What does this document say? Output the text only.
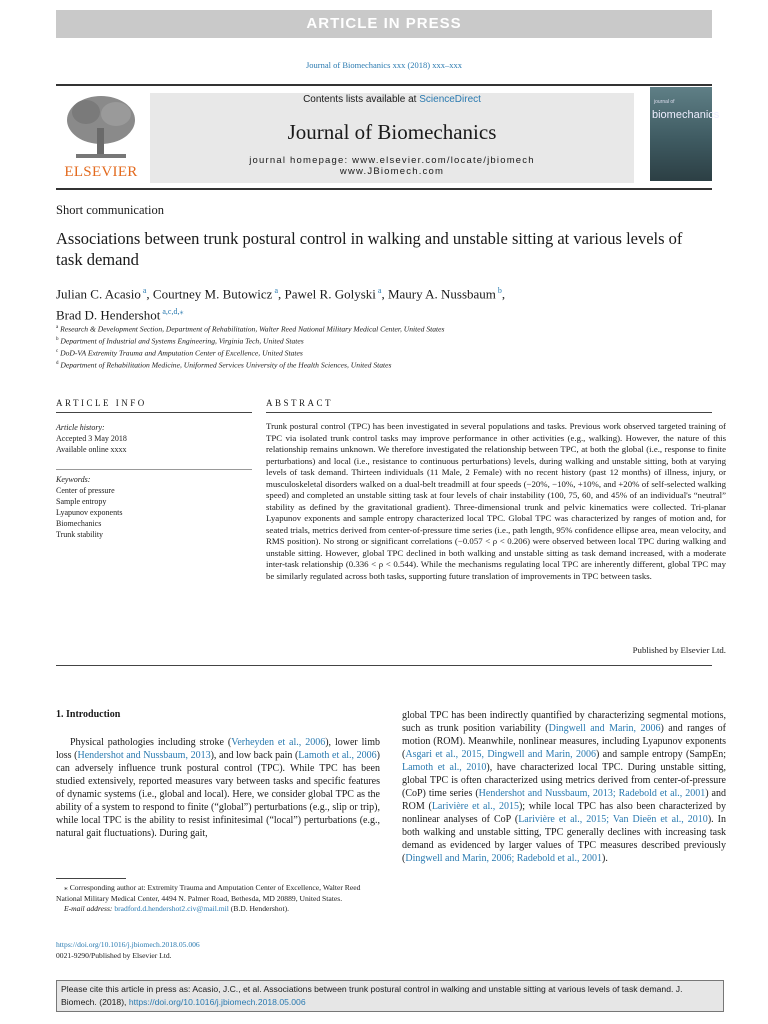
ARTICLE IN PRESS
Journal of Biomechanics xxx (2018) xxx–xxx
ELSEVIER
Contents lists available at ScienceDirect
Journal of Biomechanics
journal homepage: www.elsevier.com/locate/jbiomech
www.JBiomech.com
journal of
biomechanics
Short communication
Associations between trunk postural control in walking and unstable sitting at various levels of task demand
Julian C. Acasio $^a$, Courtney M. Butowicz $^a$, Pawel R. Golyski $^a$, Maury A. Nussbaum $^b$,
Brad D. Hendershot $^{a,c,d,⁎}$
$^a$ Research & Development Section, Department of Rehabilitation, Walter Reed National Military Medical Center, United States
$^b$ Department of Industrial and Systems Engineering, Virginia Tech, United States
$^c$ DoD-VA Extremity Trauma and Amputation Center of Excellence, United States
$^d$ Department of Rehabilitation Medicine, Uniformed Services University of the Health Sciences, United States
ARTICLE INFO	ABSTRACT
Article history:
Accepted 3 May 2018
Available online xxxx
Keywords:
Center of pressure
Sample entropy
Lyapunov exponents
Biomechanics
Trunk stability
Trunk postural control (TPC) has been investigated in several populations and tasks. Previous work observed targeted training of TPC via isolated trunk control tasks may improve performance in other activities (e.g., walking). However, the nature of this relationship remains unknown. We therefore investigated the relationship between TPC, at both the global (i.e., response to finite perturbations) and local (i.e., resistance to continuous perturbations) levels, during walking and unstable sitting, both at varying levels of task demand. Thirteen individuals (11 Male, 2 Female) with no recent history (past 12 months) of illness, injury, or musculoskeletal disorders walked on a dual-belt treadmill at four speeds (−20%, −10%, +10%, and +20% of self-selected walking speed) and completed an unstable sitting task at four levels of chair instability (100, 75, 60, and 45% of an individual's “neutral” stability as defined by the gravitational gradient). Three-dimensional trunk and pelvic kinematics were collected. Tri-planar Lyapunov exponents and sample entropy characterized local TPC. Global TPC was characterized by ranges of motion and, for seated trials, metrics derived from center-of-pressure time series (i.e., path length, 95% confidence ellipse area, mean velocity, and RMS position). No strong or significant correlations (−0.057 < ρ < 0.206) were observed between local TPC during walking and unstable sitting. However, global TPC declined in both walking and unstable sitting as task demand increased, with a moderate inter-task relationship (0.336 < ρ < 0.544). While the mechanisms regulating local TPC are inherently different, global TPC may be similarly regulated across both tasks, supporting future translation of improvements in TPC between tasks.
Published by Elsevier Ltd.
1. Introduction

Physical pathologies including stroke (Verheyden et al., 2006), lower limb loss (Hendershot and Nussbaum, 2013), and low back pain (Lamoth et al., 2006) can adversely influence trunk postural control (TPC). While TPC has been studied extensively, reported measures vary between tasks and specific features of dynamic systems (i.e., global and local). Here, we consider global TPC as the ability of a system to respond to finite (“global”) perturbations (e.g., slip or trip), while local TPC is the ability to resist infinitesimal (“local”) perturbations (e.g., natural gait fluctuations). During gait,

global TPC has been indirectly quantified by characterizing segmental motions, such as trunk position variability (Dingwell and Marin, 2006) and ranges of motion (ROM). Meanwhile, nonlinear measures, including Lyapunov exponents (Asgari et al., 2015, Dingwell and Marin, 2006) and sample entropy (SampEn; Lamoth et al., 2010), have characterized local TPC. During unstable sitting, global TPC is often characterized using metrics derived from center-of-pressure (CoP) time series (Hendershot and Nussbaum, 2013; Radebold et al., 2001) and ROM (Larivière et al., 2015); while local TPC has also been characterized by nonlinear analyses of CoP (Larivière et al., 2015; Van Dieën et al., 2010). In both walking and unstable sitting, TPC generally declines with increasing task demand as evidenced by larger values of TPC measures described previously (Dingwell and Marin, 2006; Radebold et al., 2001).
⁎ Corresponding author at: Extremity Trauma and Amputation Center of Excellence, Walter Reed National Military Medical Center, 4494 N. Palmer Road, Bethesda, MD 20889, United States.
E-mail address: bradford.d.hendershot2.civ@mail.mil (B.D. Hendershot).
https://doi.org/10.1016/j.jbiomech.2018.05.006
0021-9290/Published by Elsevier Ltd.
Please cite this article in press as: Acasio, J.C., et al. Associations between trunk postural control in walking and unstable sitting at various levels of task demand. J. Biomech. (2018), https://doi.org/10.1016/j.jbiomech.2018.05.006
